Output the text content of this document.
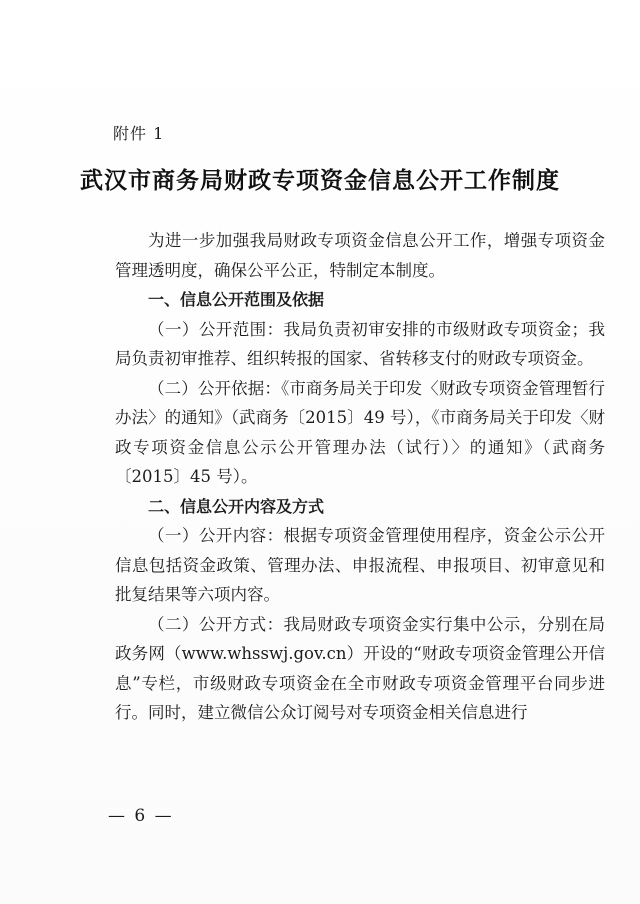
附件 1
武汉市商务局财政专项资金信息公开工作制度

为进一步加强我局财政专项资金信息公开工作，增强专项资金管理透明度，确保公平公正，特制定本制度。

一、信息公开范围及依据

（一）公开范围：我局负责初审安排的市级财政专项资金；我局负责初审推荐、组织转报的国家、省转移支付的财政专项资金。

（二）公开依据：《市商务局关于印发〈财政专项资金管理暂行办法〉的通知》（武商务〔2015〕49 号），《市商务局关于印发〈财政专项资金信息公示公开管理办法（试行）〉的通知》（武商务〔2015〕45 号）。

二、信息公开内容及方式

（一）公开内容：根据专项资金管理使用程序，资金公示公开信息包括资金政策、管理办法、申报流程、申报项目、初审意见和批复结果等六项内容。

（二）公开方式：我局财政专项资金实行集中公示，分别在局政务网（www.whsswj.gov.cn）开设的“财政专项资金管理公开信息”专栏，市级财政专项资金在全市财政专项资金管理平台同步进行。同时，建立微信公众订阅号对专项资金相关信息进行

— 6 —
